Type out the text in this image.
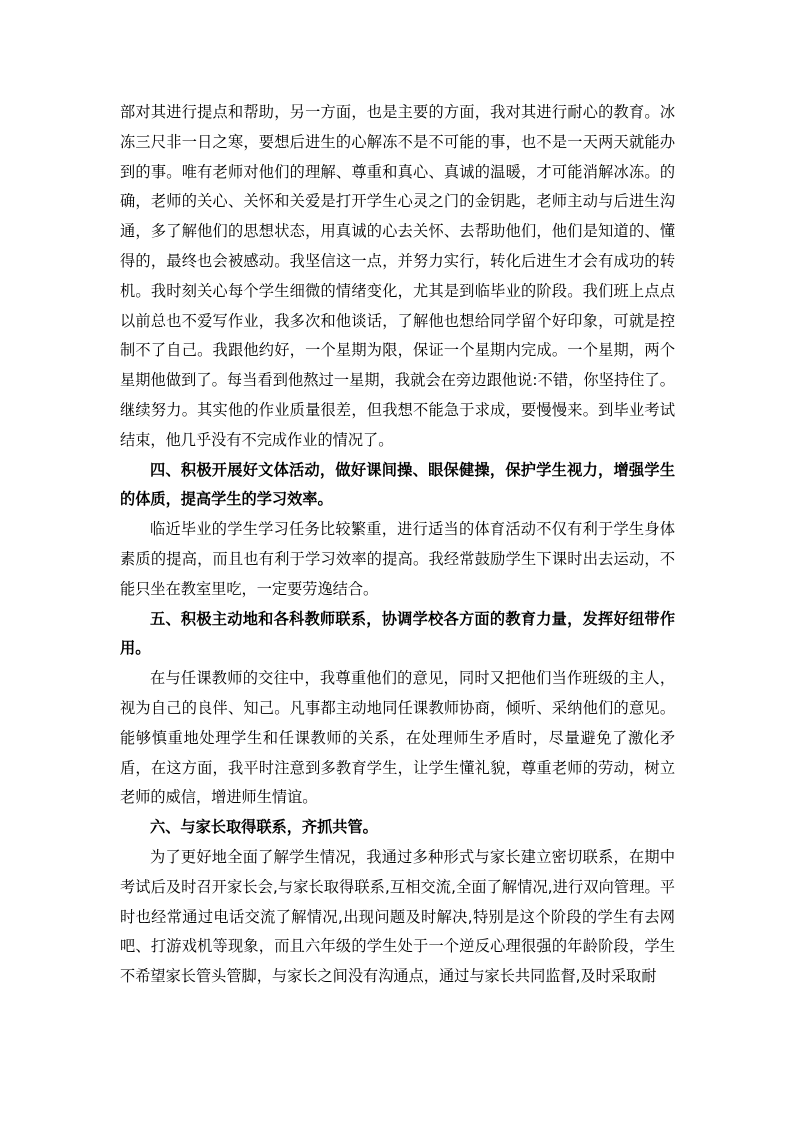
部对其进行提点和帮助，另一方面，也是主要的方面，我对其进行耐心的教育。冰冻三尺非一日之寒，要想后进生的心解冻不是不可能的事，也不是一天两天就能办到的事。唯有老师对他们的理解、尊重和真心、真诚的温暖，才可能消解冰冻。的确，老师的关心、关怀和关爱是打开学生心灵之门的金钥匙，老师主动与后进生沟通，多了解他们的思想状态，用真诚的心去关怀、去帮助他们，他们是知道的、懂得的，最终也会被感动。我坚信这一点，并努力实行，转化后进生才会有成功的转机。我时刻关心每个学生细微的情绪变化，尤其是到临毕业的阶段。我们班上点点以前总也不爱写作业，我多次和他谈话，了解他也想给同学留个好印象，可就是控制不了自己。我跟他约好，一个星期为限，保证一个星期内完成。一个星期，两个星期他做到了。每当看到他熬过一星期，我就会在旁边跟他说:不错，你坚持住了。继续努力。其实他的作业质量很差，但我想不能急于求成，要慢慢来。到毕业考试结束，他几乎没有不完成作业的情况了。

四、积极开展好文体活动，做好课间操、眼保健操，保护学生视力，增强学生的体质，提高学生的学习效率。

临近毕业的学生学习任务比较繁重，进行适当的体育活动不仅有利于学生身体素质的提高，而且也有利于学习效率的提高。我经常鼓励学生下课时出去运动，不能只坐在教室里吃，一定要劳逸结合。

五、积极主动地和各科教师联系，协调学校各方面的教育力量，发挥好纽带作用。

在与任课教师的交往中，我尊重他们的意见，同时又把他们当作班级的主人，视为自己的良伴、知己。凡事都主动地同任课教师协商，倾听、采纳他们的意见。能够慎重地处理学生和任课教师的关系，在处理师生矛盾时，尽量避免了激化矛盾，在这方面，我平时注意到多教育学生，让学生懂礼貌，尊重老师的劳动，树立老师的威信，增进师生情谊。

六、与家长取得联系，齐抓共管。

为了更好地全面了解学生情况，我通过多种形式与家长建立密切联系，在期中考试后及时召开家长会,与家长取得联系,互相交流,全面了解情况,进行双向管理。平时也经常通过电话交流了解情况,出现问题及时解决,特别是这个阶段的学生有去网吧、打游戏机等现象，而且六年级的学生处于一个逆反心理很强的年龄阶段，学生不希望家长管头管脚，与家长之间没有沟通点，通过与家长共同监督,及时采取耐
